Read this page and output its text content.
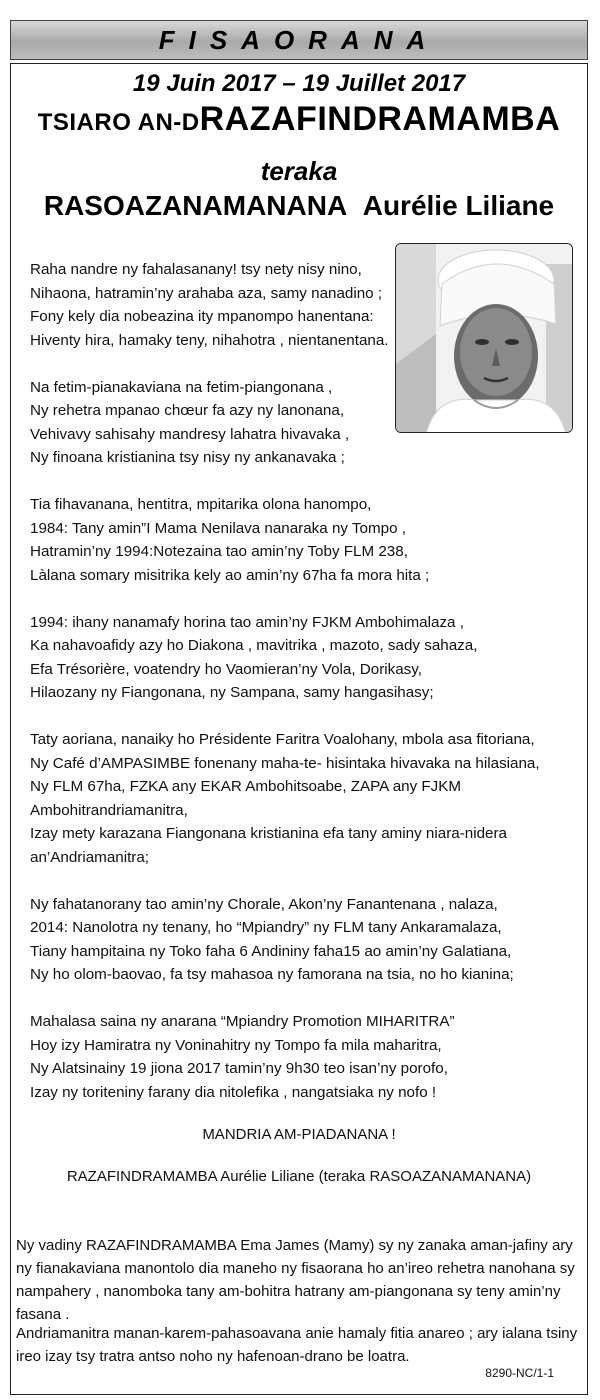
FISAORANA
19 Juin 2017 – 19 Juillet 2017
TSIARO AN-DRAZAFINDRAMAMBA
teraka
RASOAZANAMANANA Aurélie Liliane
Raha nandre ny fahalasanany! tsy nety nisy nino,
Nihaona, hatramin’ny arahaba aza, samy nanadino ;
Fony kely dia nobeazina ity mpanompo hanentana:
Hiventy hira, hamaky teny, nihahotra , nientanentana.
Na fetim-pianakaviana na fetim-piangonana ,
Ny rehetra mpanao chœur fa azy ny lanonana,
Vehivavy sahisahy mandresy lahatra hivavaka ,
Ny finoana kristianina tsy nisy ny ankanavaka ;
Tia fihavanana, hentitra, mpitarika olona hanompo,
1984: Tany amin”I Mama Nenilava nanaraka ny Tompo ,
Hatramin’ny 1994:Notezaina tao amin’ny Toby FLM 238,
Làlana somary misitrika kely ao amin’ny 67ha fa mora hita ;
1994: ihany nanamafy horina tao amin’ny FJKM Ambohimalaza ,
Ka nahavoafidy azy ho Diakona , mavitrika , mazoto, sady sahaza,
Efa Trésorière, voatendry ho Vaomieran’ny Vola, Dorikasy,
Hilaozany ny Fiangonana, ny Sampana, samy hangasihasy;
Taty aoriana, nanaiky ho Présidente Faritra Voalohany, mbola asa fitoriana,
Ny Café d’AMPASIMBE fonenany maha-te- hisintaka hivavaka na hilasiana,
Ny FLM 67ha, FZKA any EKAR Ambohitsoabe, ZAPA any FJKM Ambohitrandriamanitra,
Izay mety karazana Fiangonana kristianina efa tany aminy niara-nidera an’Andriamanitra;
Ny fahatanorany tao amin’ny Chorale, Akon’ny Fanantenana , nalaza,
2014: Nanolotra ny tenany, ho “Mpiandry” ny FLM tany Ankaramalaza,
Tiany hampitaina ny Toko faha 6 Andininy faha15 ao amin’ny Galatiana,
Ny ho olom-baovao, fa tsy mahasoa ny famorana na tsia, no ho kianina;
Mahalasa saina ny anarana “Mpiandry Promotion MIHARITRA”
Hoy izy Hamiratra ny Voninahitry ny Tompo fa mila maharitra,
Ny Alatsinainy 19 jiona 2017 tamin’ny 9h30 teo isan’ny porofo,
Izay ny toriteniny farany dia nitolefika , nangatsiaka ny nofo !
MANDRIA AM-PIADANANA !
RAZAFINDRAMAMBA Aurélie Liliane (teraka RASOAZANAMANANA)
Ny vadiny RAZAFINDRAMAMBA Ema James (Mamy) sy ny zanaka aman-jafiny ary ny fianakaviana manontolo dia maneho ny fisaorana ho an’ireo rehetra nanohana sy nampahery , nanomboka tany am-bohitra hatrany am-piangonana sy teny amin’ny fasana .
Andriamanitra manan-karem-pahasoavana anie hamaly fitia anareo ; ary ialana tsiny ireo izay tsy tratra antso noho ny hafenoan-drano be loatra.
8290-NC/1-1
